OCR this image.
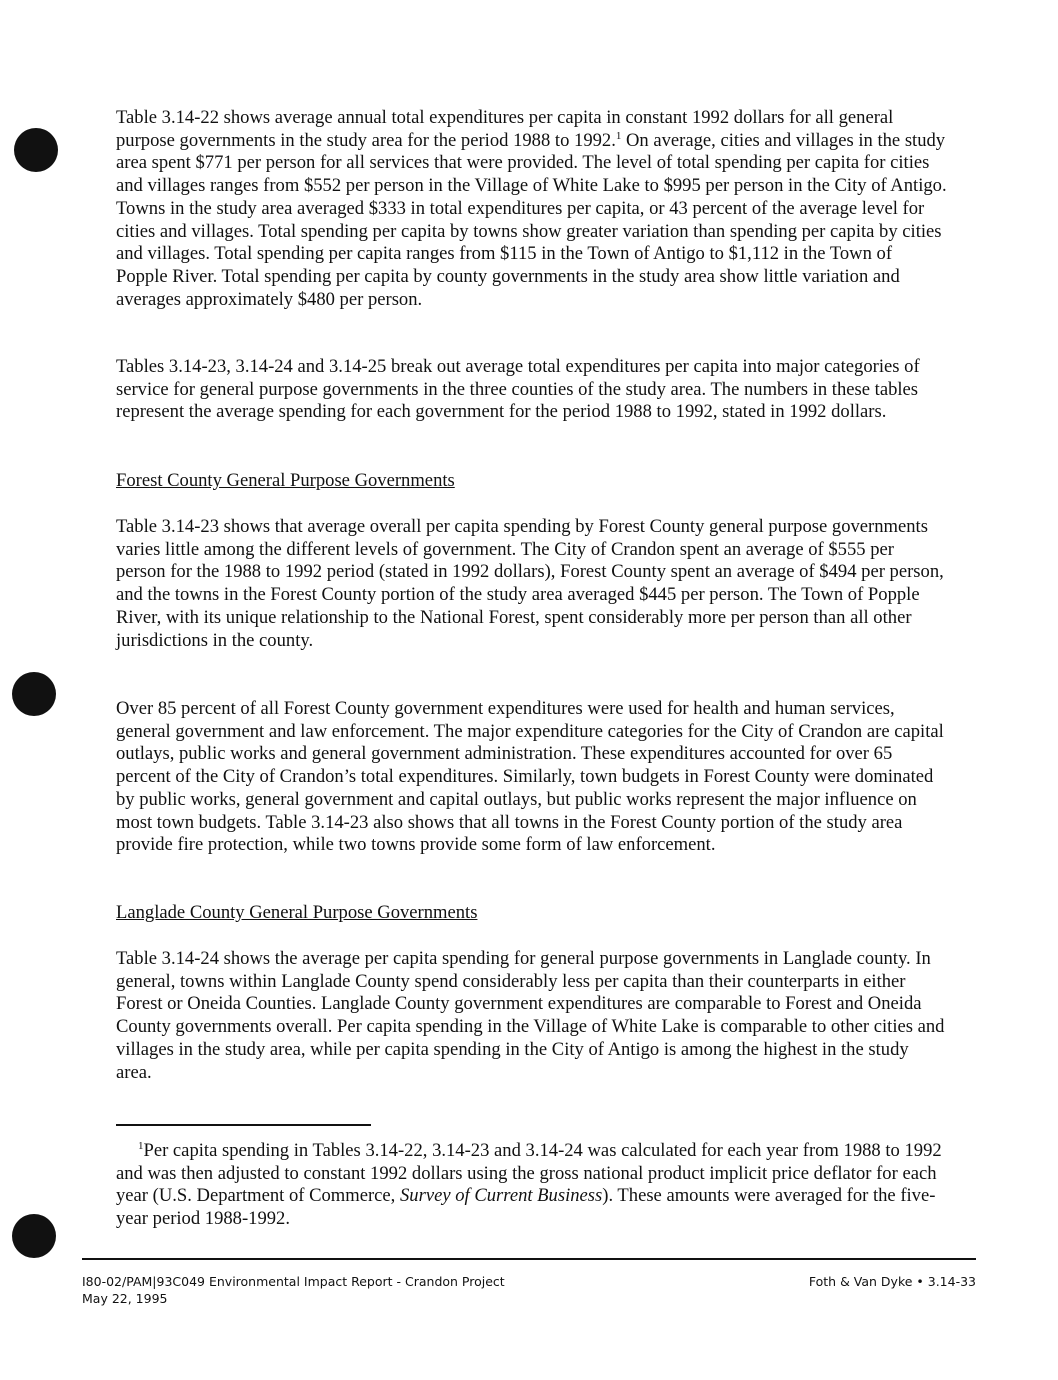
Table 3.14-22 shows average annual total expenditures per capita in constant 1992 dollars for all general purpose governments in the study area for the period 1988 to 1992.$^1$ On average, cities and villages in the study area spent $771 per person for all services that were provided. The level of total spending per capita for cities and villages ranges from $552 per person in the Village of White Lake to $995 per person in the City of Antigo. Towns in the study area averaged $333 in total expenditures per capita, or 43 percent of the average level for cities and villages. Total spending per capita by towns show greater variation than spending per capita by cities and villages. Total spending per capita ranges from $115 in the Town of Antigo to $1,112 in the Town of Popple River. Total spending per capita by county governments in the study area show little variation and averages approximately $480 per person.

Tables 3.14-23, 3.14-24 and 3.14-25 break out average total expenditures per capita into major categories of service for general purpose governments in the three counties of the study area. The numbers in these tables represent the average spending for each government for the period 1988 to 1992, stated in 1992 dollars.

Forest County General Purpose Governments

Table 3.14-23 shows that average overall per capita spending by Forest County general purpose governments varies little among the different levels of government. The City of Crandon spent an average of $555 per person for the 1988 to 1992 period (stated in 1992 dollars), Forest County spent an average of $494 per person, and the towns in the Forest County portion of the study area averaged $445 per person. The Town of Popple River, with its unique relationship to the National Forest, spent considerably more per person than all other jurisdictions in the county.

Over 85 percent of all Forest County government expenditures were used for health and human services, general government and law enforcement. The major expenditure categories for the City of Crandon are capital outlays, public works and general government administration. These expenditures accounted for over 65 percent of the City of Crandon’s total expenditures. Similarly, town budgets in Forest County were dominated by public works, general government and capital outlays, but public works represent the major influence on most town budgets. Table 3.14-23 also shows that all towns in the Forest County portion of the study area provide fire protection, while two towns provide some form of law enforcement.

Langlade County General Purpose Governments

Table 3.14-24 shows the average per capita spending for general purpose governments in Langlade county. In general, towns within Langlade County spend considerably less per capita than their counterparts in either Forest or Oneida Counties. Langlade County government expenditures are comparable to Forest and Oneida County governments overall. Per capita spending in the Village of White Lake is comparable to other cities and villages in the study area, while per capita spending in the City of Antigo is among the highest in the study area.

$^1$Per capita spending in Tables 3.14-22, 3.14-23 and 3.14-24 was calculated for each year from 1988 to 1992 and was then adjusted to constant 1992 dollars using the gross national product implicit price deflator for each year (U.S. Department of Commerce, Survey of Current Business). These amounts were averaged for the five-year period 1988-1992.

I80-02/PAM|93C049 Environmental Impact Report - Crandon Project
May 22, 1995
Foth & Van Dyke • 3.14-33
